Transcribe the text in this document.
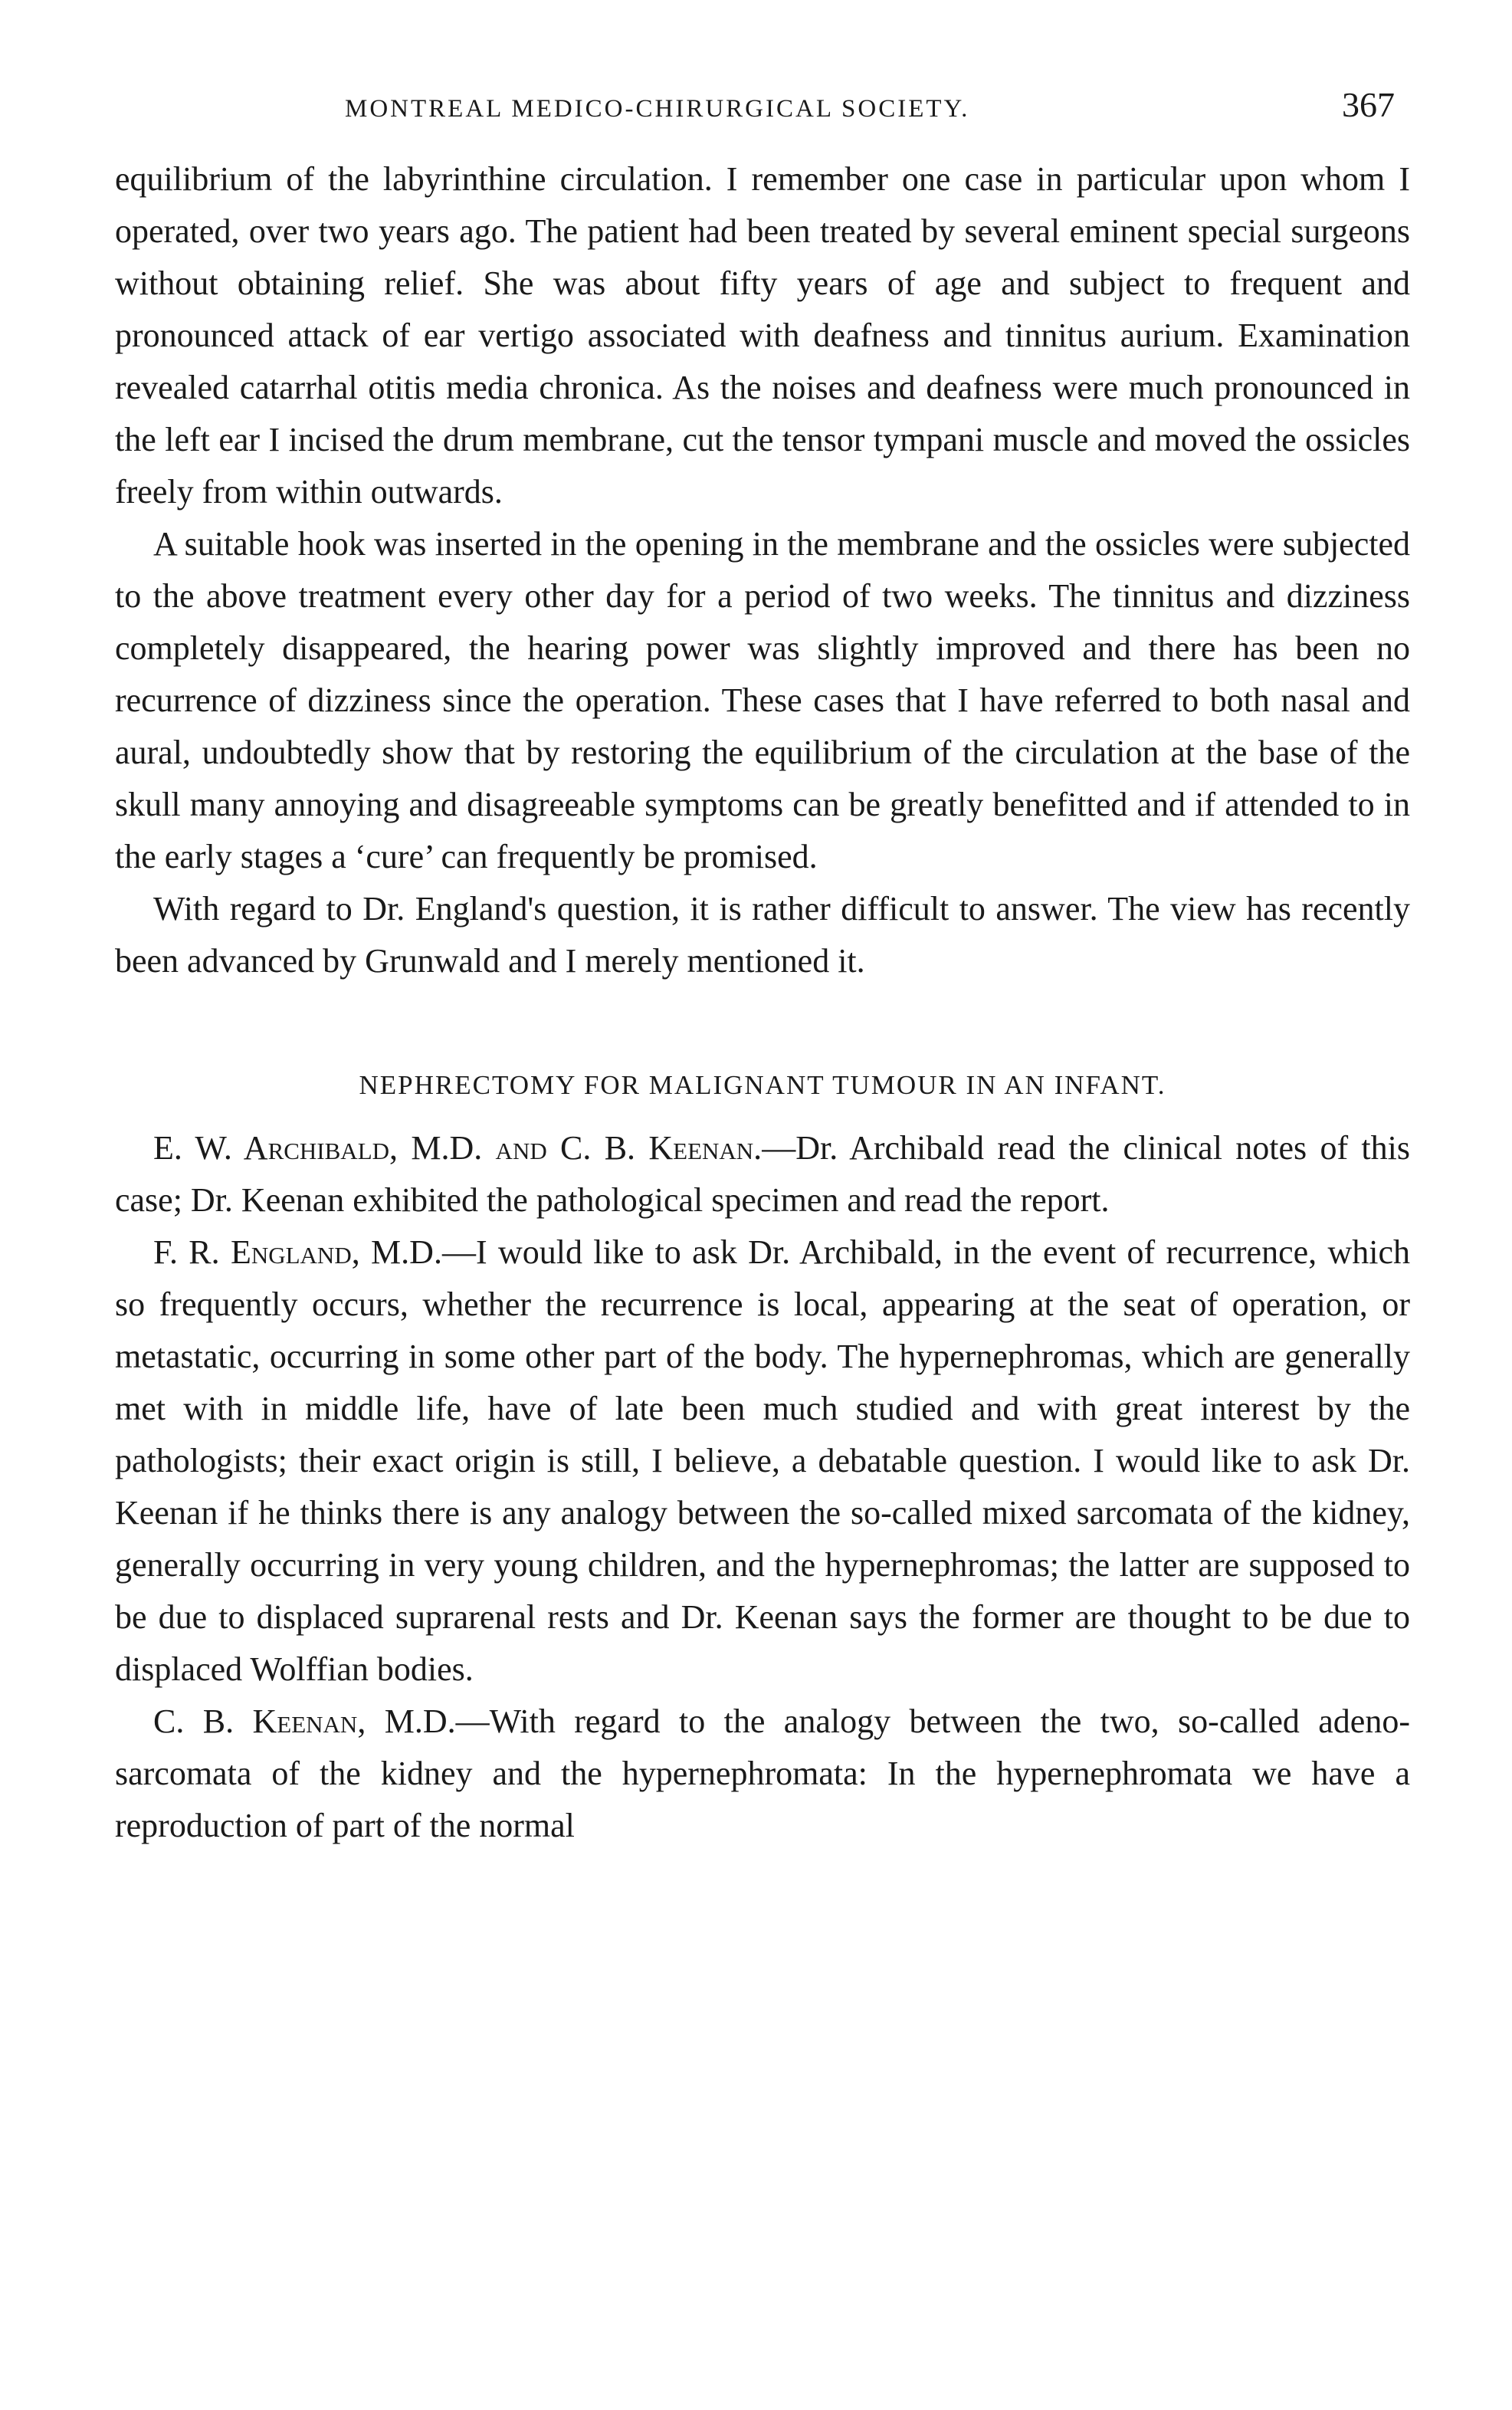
MONTREAL MEDICO-CHIRURGICAL SOCIETY.	367

equilibrium of the labyrinthine circulation. I remember one case in particular upon whom I operated, over two years ago. The patient had been treated by several eminent special surgeons without obtaining relief. She was about fifty years of age and subject to frequent and pronounced attack of ear vertigo associated with deafness and tinnitus aurium. Examination revealed catarrhal otitis media chronica. As the noises and deafness were much pronounced in the left ear I incised the drum membrane, cut the tensor tympani muscle and moved the ossicles freely from within outwards.

A suitable hook was inserted in the opening in the membrane and the ossicles were subjected to the above treatment every other day for a period of two weeks. The tinnitus and dizziness completely disappeared, the hearing power was slightly improved and there has been no recurrence of dizziness since the operation. These cases that I have referred to both nasal and aural, undoubtedly show that by restoring the equilibrium of the circulation at the base of the skull many annoying and disagreeable symptoms can be greatly benefitted and if attended to in the early stages a ‘cure’ can frequently be promised.

With regard to Dr. England's question, it is rather difficult to answer. The view has recently been advanced by Grunwald and I merely mentioned it.

NEPHRECTOMY FOR MALIGNANT TUMOUR IN AN INFANT.

E. W. Archibald, M.D. and C. B. Keenan.—Dr. Archibald read the clinical notes of this case; Dr. Keenan exhibited the pathological specimen and read the report.

F. R. England, M.D.—I would like to ask Dr. Archibald, in the event of recurrence, which so frequently occurs, whether the recurrence is local, appearing at the seat of operation, or metastatic, occurring in some other part of the body. The hypernephromas, which are generally met with in middle life, have of late been much studied and with great interest by the pathologists; their exact origin is still, I believe, a debatable question. I would like to ask Dr. Keenan if he thinks there is any analogy between the so-called mixed sarcomata of the kidney, generally occurring in very young children, and the hypernephromas; the latter are supposed to be due to displaced suprarenal rests and Dr. Keenan says the former are thought to be due to displaced Wolffian bodies.

C. B. Keenan, M.D.—With regard to the analogy between the two, so-called adeno-sarcomata of the kidney and the hypernephromata: In the hypernephromata we have a reproduction of part of the normal
